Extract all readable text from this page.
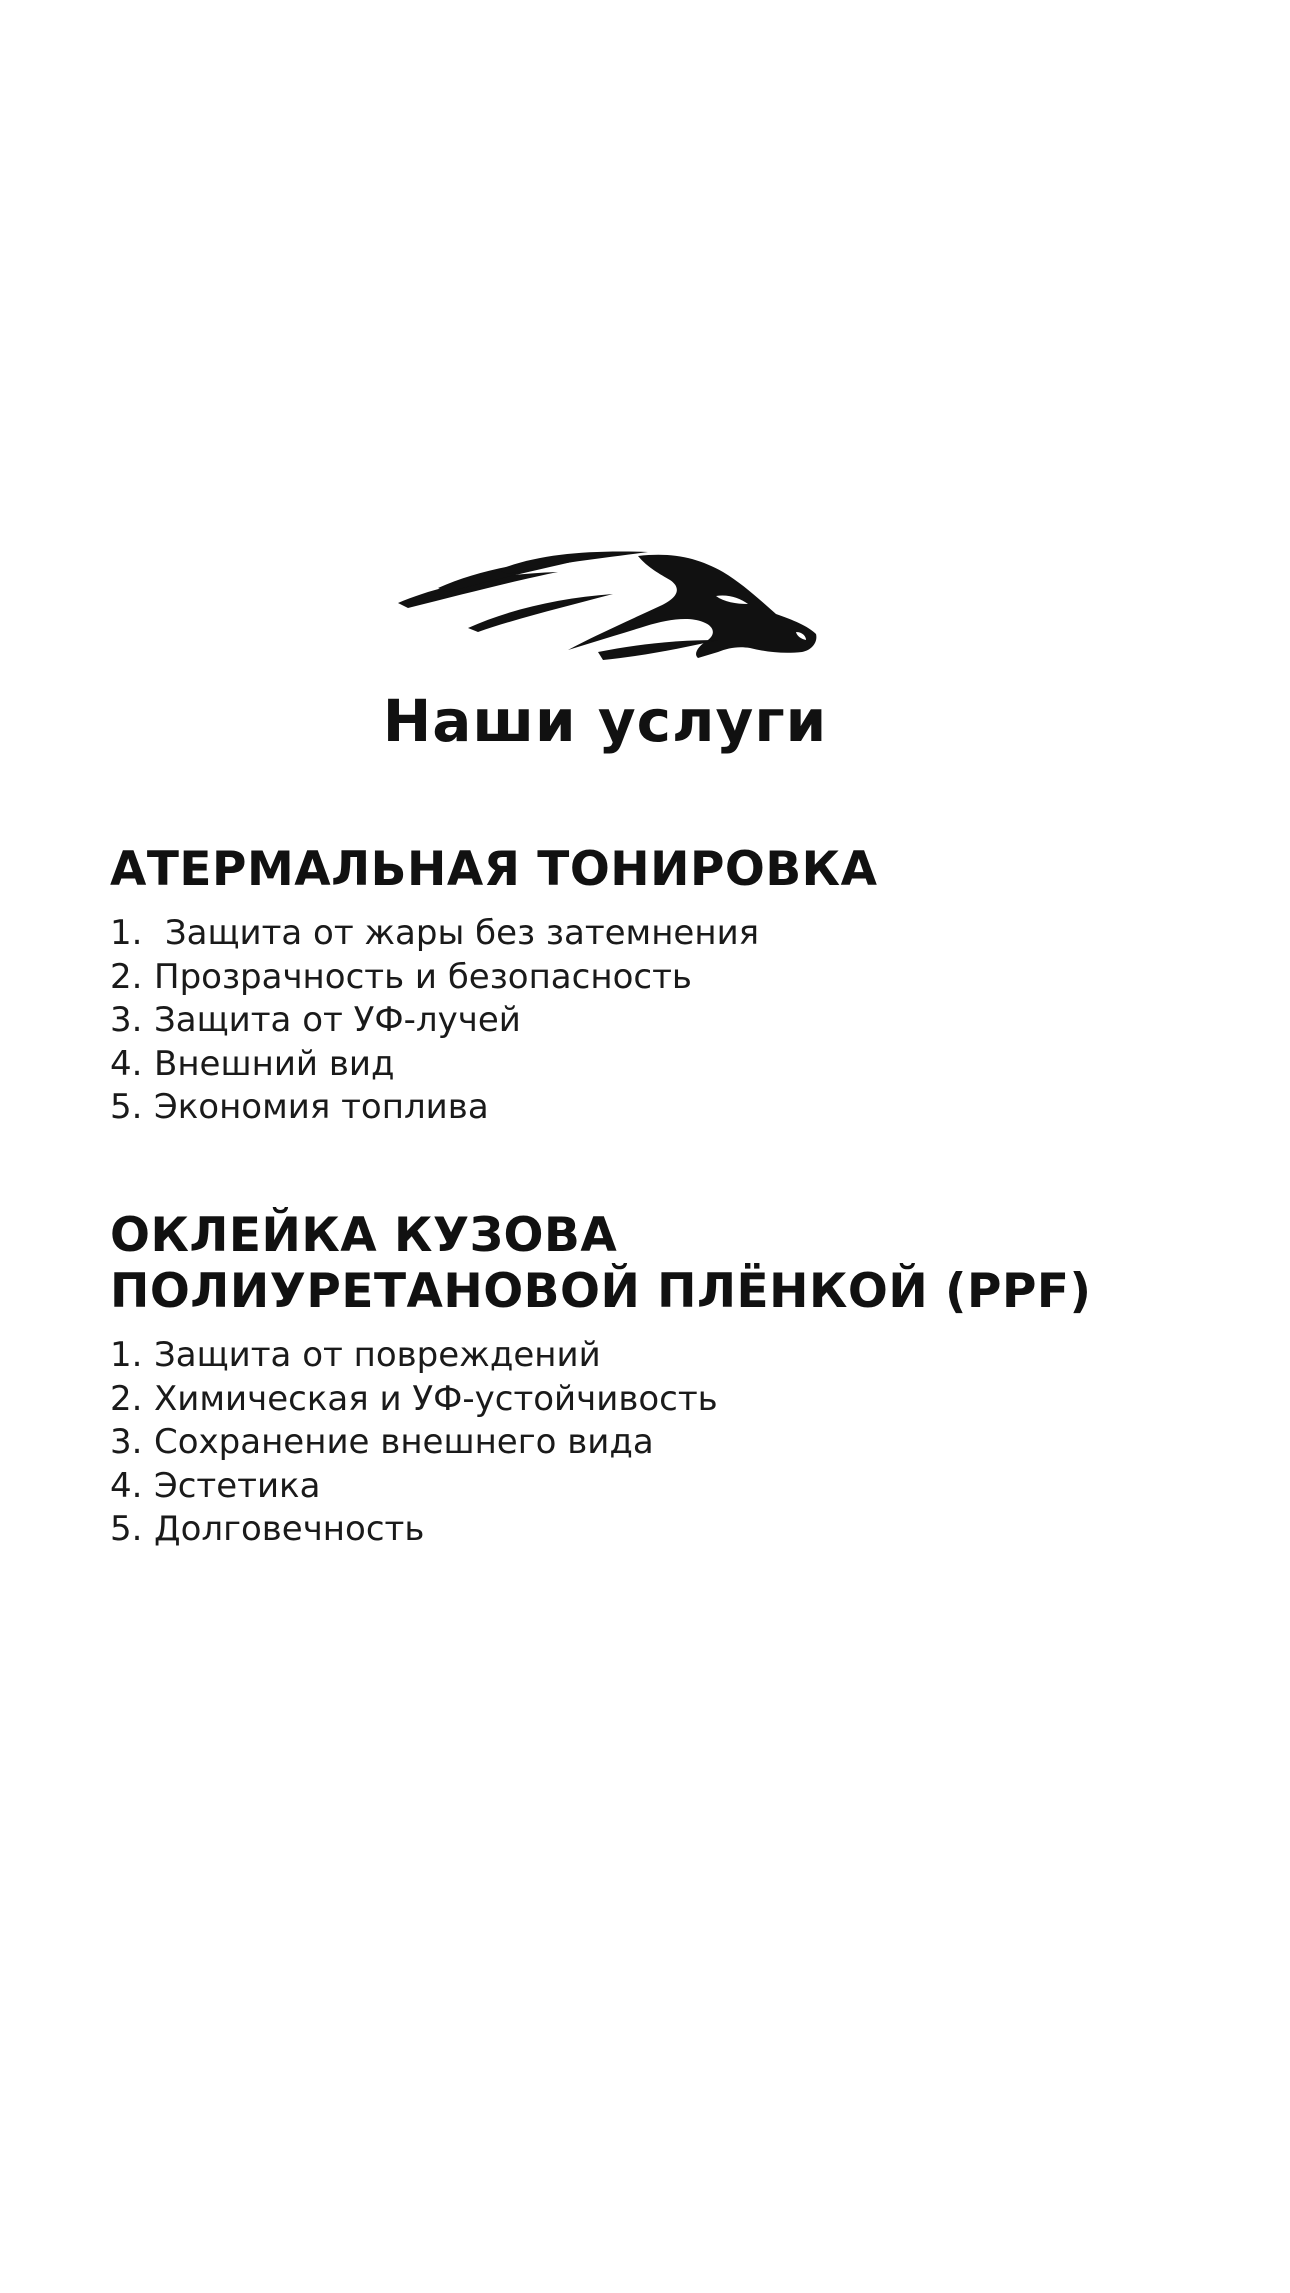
Наши услуги
АТЕРМАЛЬНАЯ ТОНИРОВКА
1. Защита от жары без затемнения
2. Прозрачность и безопасность
3. Защита от УФ-лучей
4. Внешний вид
5. Экономия топлива
ОКЛЕЙКА КУЗОВА
ПОЛИУРЕТАНОВОЙ ПЛЁНКОЙ (PPF)
1. Защита от повреждений
2. Химическая и УФ-устойчивость
3. Сохранение внешнего вида
4. Эстетика
5. Долговечность
